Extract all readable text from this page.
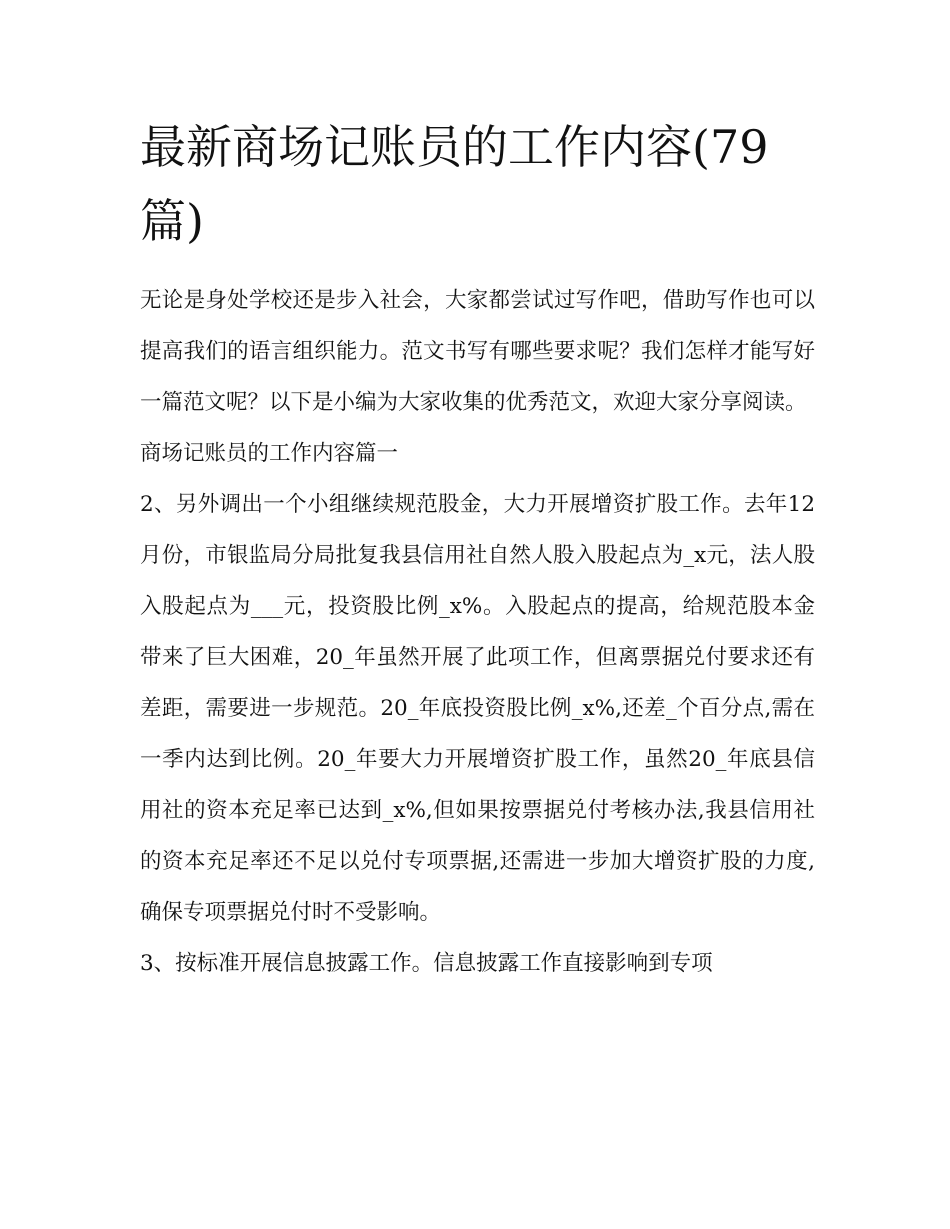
最新商场记账员的工作内容(79篇)

无论是身处学校还是步入社会，大家都尝试过写作吧，借助写作也可以提高我们的语言组织能力。范文书写有哪些要求呢？我们怎样才能写好一篇范文呢？以下是小编为大家收集的优秀范文，欢迎大家分享阅读。

商场记账员的工作内容篇一

2、另外调出一个小组继续规范股金，大力开展增资扩股工作。去年12月份，市银监局分局批复我县信用社自然人股入股起点为_x元，法人股入股起点为___元，投资股比例_x%。入股起点的提高，给规范股本金带来了巨大困难，20_年虽然开展了此项工作，但离票据兑付要求还有差距，需要进一步规范。20_年底投资股比例_x%,还差_个百分点,需在一季内达到比例。20_年要大力开展增资扩股工作，虽然20_年底县信用社的资本充足率已达到_x%,但如果按票据兑付考核办法,我县信用社的资本充足率还不足以兑付专项票据,还需进一步加大增资扩股的力度,确保专项票据兑付时不受影响。

3、按标准开展信息披露工作。信息披露工作直接影响到专项
